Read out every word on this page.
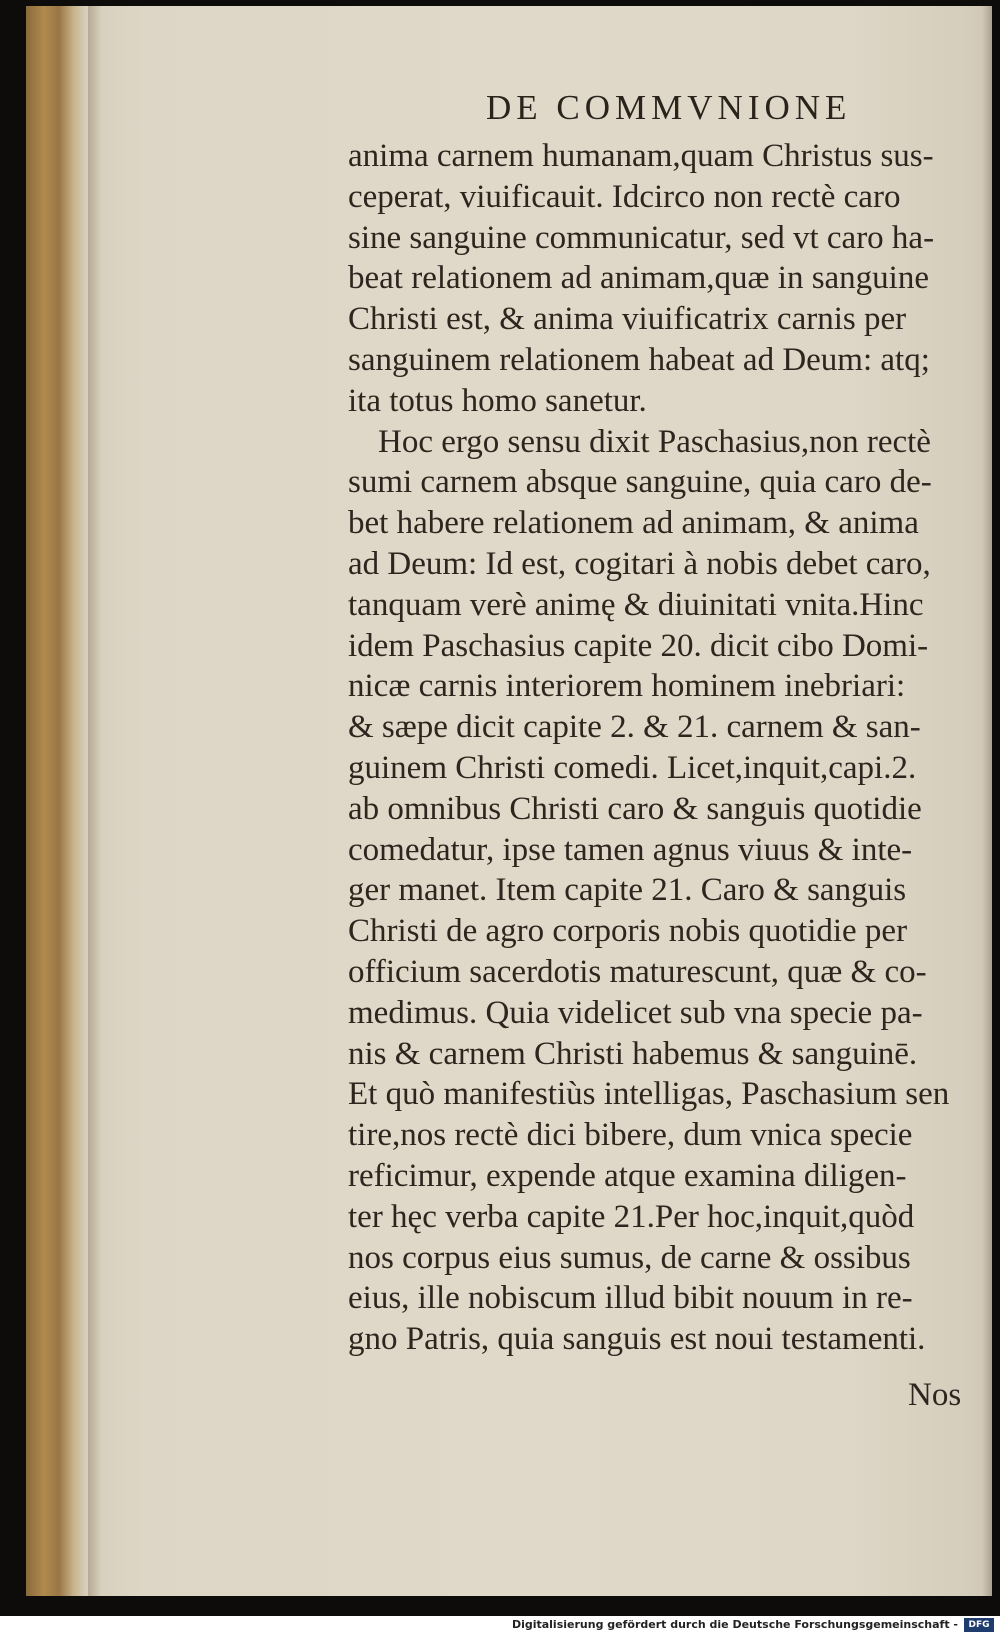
DE COMMVNIONE
anima carnem humanam,quam Christus sus-
ceperat, viuificauit. Idcirco non rectè caro
sine sanguine communicatur, sed vt caro ha-
beat relationem ad animam,quæ in sanguine
Christi est, & anima viuificatrix carnis per
sanguinem relationem habeat ad Deum: atq;
ita totus homo sanetur.
Hoc ergo sensu dixit Paschasius,non rectè
sumi carnem absque sanguine, quia caro de-
bet habere relationem ad animam, & anima
ad Deum: Id est, cogitari à nobis debet caro,
tanquam verè animę & diuinitati vnita.Hinc
idem Paschasius capite 20. dicit cibo Domi-
nicæ carnis interiorem hominem inebriari:
& sæpe dicit capite 2. & 21. carnem & san-
guinem Christi comedi. Licet,inquit,capi.2.
ab omnibus Christi caro & sanguis quotidie
comedatur, ipse tamen agnus viuus & inte-
ger manet. Item capite 21. Caro & sanguis
Christi de agro corporis nobis quotidie per
officium sacerdotis maturescunt, quæ & co-
medimus. Quia videlicet sub vna specie pa-
nis & carnem Christi habemus & sanguinē.
Et quò manifestiùs intelligas, Paschasium sen
tire,nos rectè dici bibere, dum vnica specie
reficimur, expende atque examina diligen-
ter hęc verba capite 21.Per hoc,inquit,quòd
nos corpus eius sumus, de carne & ossibus
eius, ille nobiscum illud bibit nouum in re-
gno Patris, quia sanguis est noui testamenti.
Nos
Digitalisierung gefördert durch die Deutsche Forschungsgemeinschaft -	DFG
